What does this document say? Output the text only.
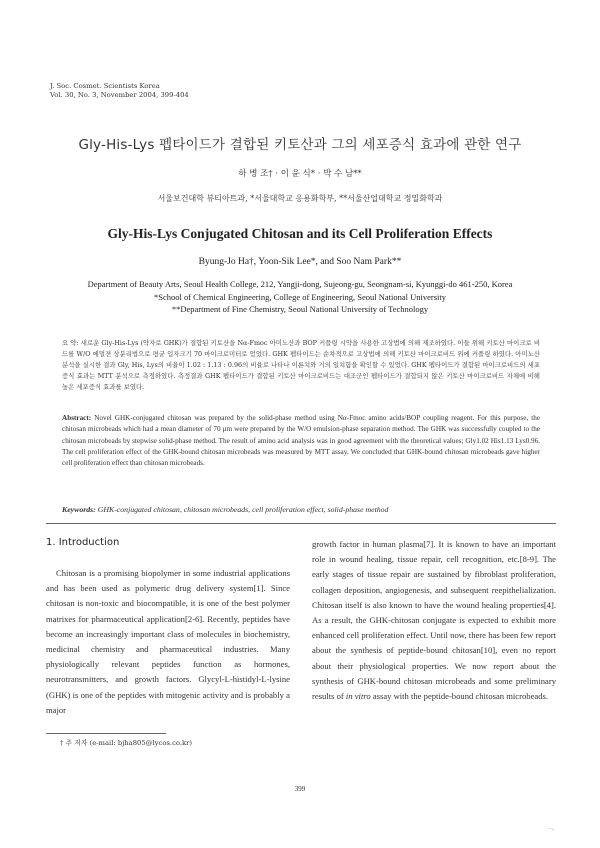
J. Soc. Cosmet. Scientists Korea
Vol. 30, No. 3, November 2004, 399-404
Gly-His-Lys 펩타이드가 결합된 키토산과 그의 세포증식 효과에 관한 연구
하 병 조† · 이 윤 식* · 박 수 남**
서울보건대학 뷰티아트과, *서울대학교 응용화학부, **서울산업대학교 정밀화학과
Gly-His-Lys Conjugated Chitosan and its Cell Proliferation Effects
Byung-Jo Ha†, Yoon-Sik Lee*, and Soo Nam Park**
Department of Beauty Arts, Seoul Health College, 212, Yangji-dong, Sujeong-gu, Seongnam-si, Kyunggi-do 461-250, Korea
*School of Chemical Engineering, College of Engineering, Seoul National University
**Department of Fine Chemistry, Seoul National University of Technology
요 약: 새로운 Gly-His-Lys (약자로 GHK)가 결합된 키토산을 Nα-Fmoc 아미노산과 BOP 커플링 시약을 사용한 고상법에 의해 제조하였다. 이들 위해 키토산 마이크로 비드를 W/O 에멀젼 상분리법으로 평균 입자크기 70 마이크로미터로 얻었다. GHK 펩타이드는 순차적으로 고상법에 의해 키토산 마이크로비드 위에 커플링 하였다. 아미노산 분석을 실시한 결과 Gly, His, Lys의 비율이 1.02 : 1.13 : 0.96의 비율로 나타나 이론치와 거의 일치함을 확인할 수 있었다. GHK 펩타이드가 결합된 마이크로비드의 세포증식 효과는 MTT 분석으로 측정하였다. 측정결과 GHK 펩타이드가 결합된 키토산 마이크로비드는 대조군인 펩타이드가 결합되지 않은 키토산 마이크로비드 자체에 비해 높은 세포증식 효과를 보였다.
Abstract: Novel GHK-conjugated chitosan was prepared by the solid-phase method using Nα-Fmoc amino acids/BOP coupling reagent. For this purpose, the chitosan microbeads which had a mean diameter of 70 μm were prepared by the W/O emulsion-phase separation method. The GHK was successfully coupled to the chitosan microbeads by stepwise solid-phase method. The result of amino acid analysis was in good agreement with the theoretical values; Gly1.02 His1.13 Lys0.96. The cell proliferation effect of the GHK-bound chitosan microbeads was measured by MTT assay. We concluded that GHK-bound chitosan microbeads gave higher cell proliferation effect than chitosan microbeads.
Keywords: GHK-conjugated chitosan, chitosan microbeads, cell proliferation effect, solid-phase method
1. Introduction

Chitosan is a promising biopolymer in some industrial applications and has been used as polymeric drug delivery system[1]. Since chitosan is non-toxic and biocompatible, it is one of the best polymer matrixes for pharmaceutical application[2-6]. Recently, peptides have become an increasingly important class of molecules in biochemistry, medicinal chemistry and pharmaceutical industries. Many physiologically relevant peptides function as hormones, neurotransmitters, and growth factors. Glycyl-L-histidyl-L-lysine (GHK) is one of the peptides with mitogenic activity and is probably a major

growth factor in human plasma[7]. It is known to have an important role in wound healing, tissue repair, cell recognition, etc.[8-9]. The early stages of tissue repair are sustained by fibroblast proliferation, collagen deposition, angiogenesis, and subsequent reepithelialization. Chitosan itself is also known to have the wound healing properties[4]. As a result, the GHK-chitosan conjugate is expected to exhibit more enhanced cell proliferation effect. Until now, there has been few report about the synthesis of peptide-bound chitosan[10], even no report about their physiological properties. We now report about the synthesis of GHK-bound chitosan microbeads and some preliminary results of in vitro assay with the peptide-bound chitosan microbeads.
† 주 저자 (e-mail: bjha805@lycos.co.kr)
399
⁻·
